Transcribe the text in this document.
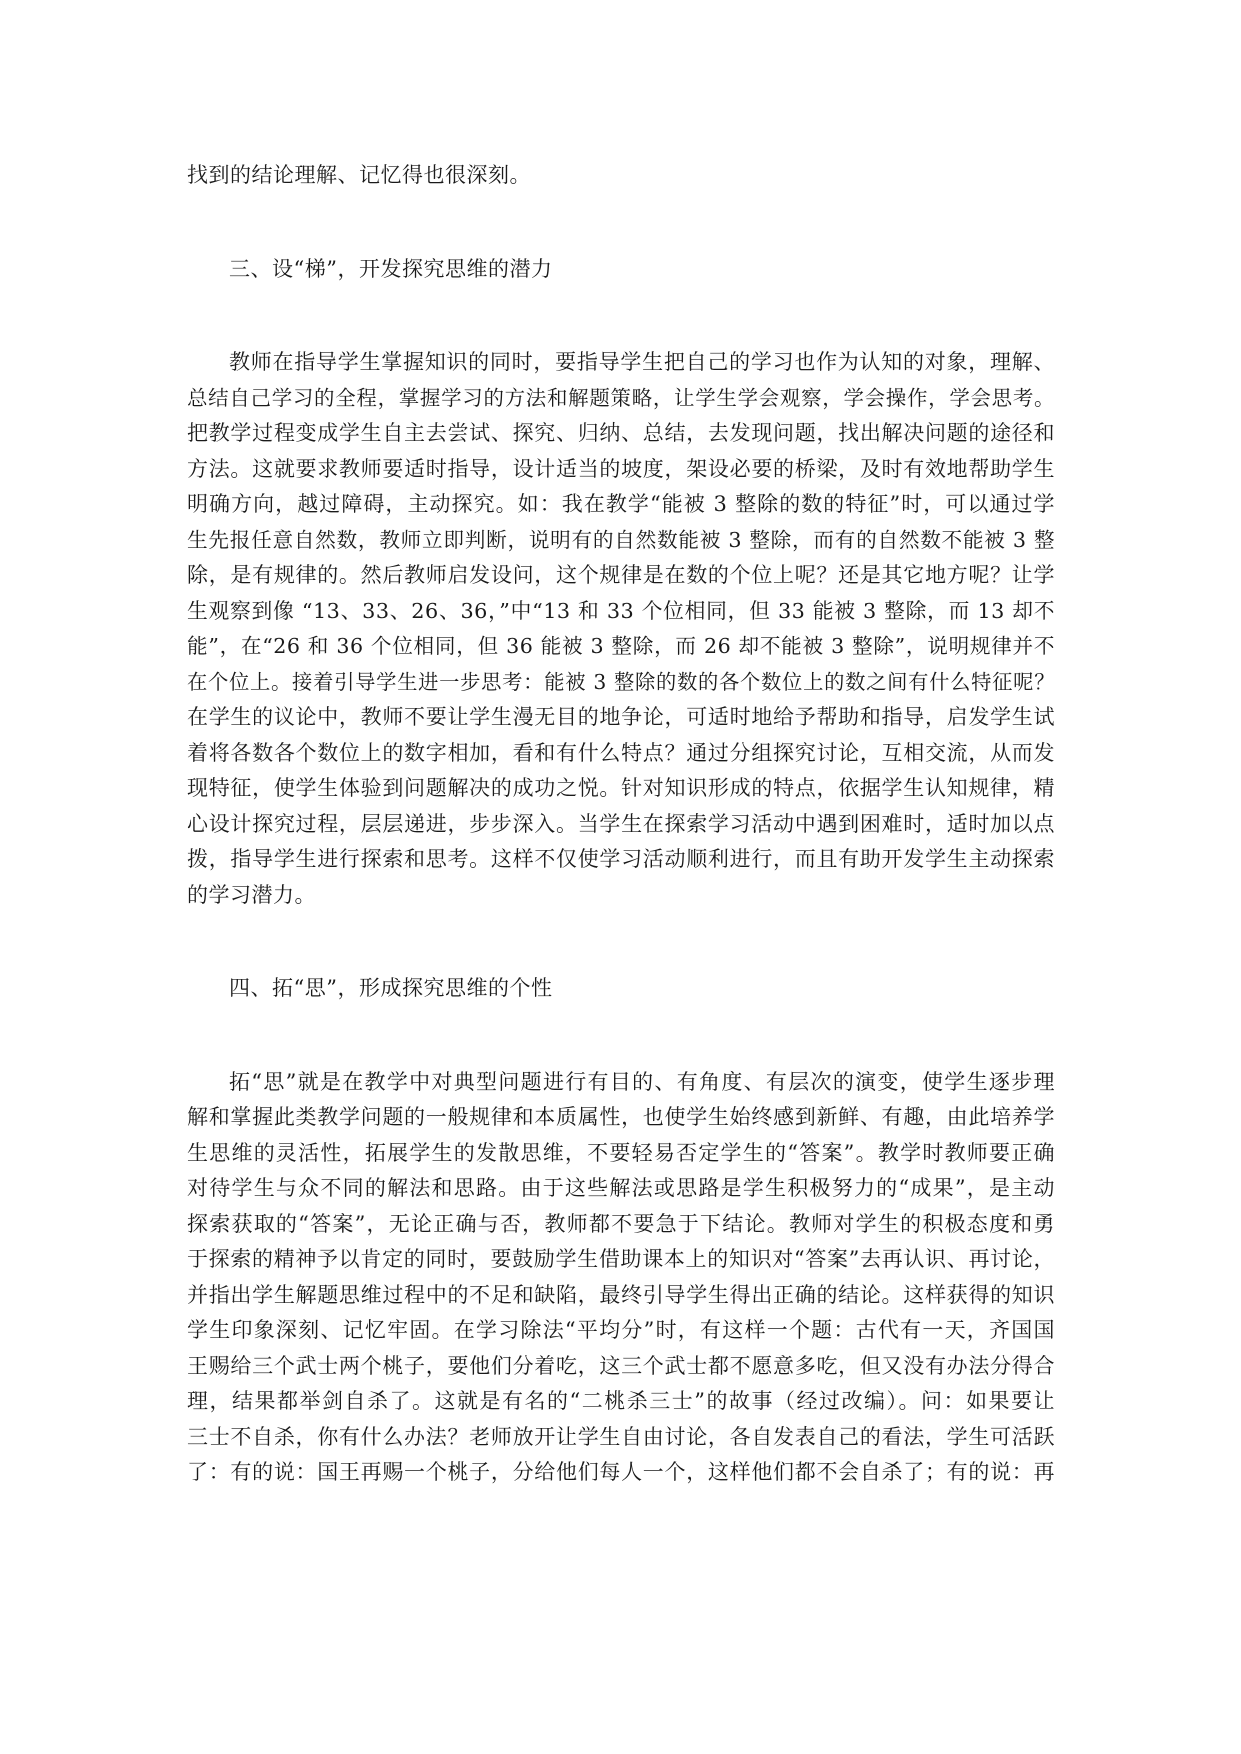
找到的结论理解、记忆得也很深刻。
三、设“梯”，开发探究思维的潜力
教师在指导学生掌握知识的同时，要指导学生把自己的学习也作为认知的对象，理解、
总结自己学习的全程，掌握学习的方法和解题策略，让学生学会观察，学会操作，学会思考。
把教学过程变成学生自主去尝试、探究、归纳、总结，去发现问题，找出解决问题的途径和
方法。这就要求教师要适时指导，设计适当的坡度，架设必要的桥梁，及时有效地帮助学生
明确方向，越过障碍，主动探究。如：我在教学“能被 3 整除的数的特征”时，可以通过学
生先报任意自然数，教师立即判断，说明有的自然数能被 3 整除，而有的自然数不能被 3 整
除，是有规律的。然后教师启发设问，这个规律是在数的个位上呢？还是其它地方呢？让学
生观察到像 “13、33、26、36，”中“13 和 33 个位相同，但 33 能被 3 整除，而 13 却不
能”，在“26 和 36 个位相同，但 36 能被 3 整除，而 26 却不能被 3 整除”，说明规律并不
在个位上。接着引导学生进一步思考：能被 3 整除的数的各个数位上的数之间有什么特征呢？
在学生的议论中，教师不要让学生漫无目的地争论，可适时地给予帮助和指导，启发学生试
着将各数各个数位上的数字相加，看和有什么特点？通过分组探究讨论，互相交流，从而发
现特征，使学生体验到问题解决的成功之悦。针对知识形成的特点，依据学生认知规律，精
心设计探究过程，层层递进，步步深入。当学生在探索学习活动中遇到困难时，适时加以点
拨，指导学生进行探索和思考。这样不仅使学习活动顺利进行，而且有助开发学生主动探索
的学习潜力。
四、拓“思”，形成探究思维的个性
拓“思”就是在教学中对典型问题进行有目的、有角度、有层次的演变，使学生逐步理
解和掌握此类教学问题的一般规律和本质属性，也使学生始终感到新鲜、有趣，由此培养学
生思维的灵活性，拓展学生的发散思维，不要轻易否定学生的“答案”。教学时教师要正确
对待学生与众不同的解法和思路。由于这些解法或思路是学生积极努力的“成果”，是主动
探索获取的“答案”，无论正确与否，教师都不要急于下结论。教师对学生的积极态度和勇
于探索的精神予以肯定的同时，要鼓励学生借助课本上的知识对“答案”去再认识、再讨论，
并指出学生解题思维过程中的不足和缺陷，最终引导学生得出正确的结论。这样获得的知识
学生印象深刻、记忆牢固。在学习除法“平均分”时，有这样一个题：古代有一天，齐国国
王赐给三个武士两个桃子，要他们分着吃，这三个武士都不愿意多吃，但又没有办法分得合
理，结果都举剑自杀了。这就是有名的“二桃杀三士”的故事（经过改编）。问：如果要让
三士不自杀，你有什么办法？老师放开让学生自由讨论，各自发表自己的看法，学生可活跃
了：有的说：国王再赐一个桃子，分给他们每人一个，这样他们都不会自杀了；有的说：再
